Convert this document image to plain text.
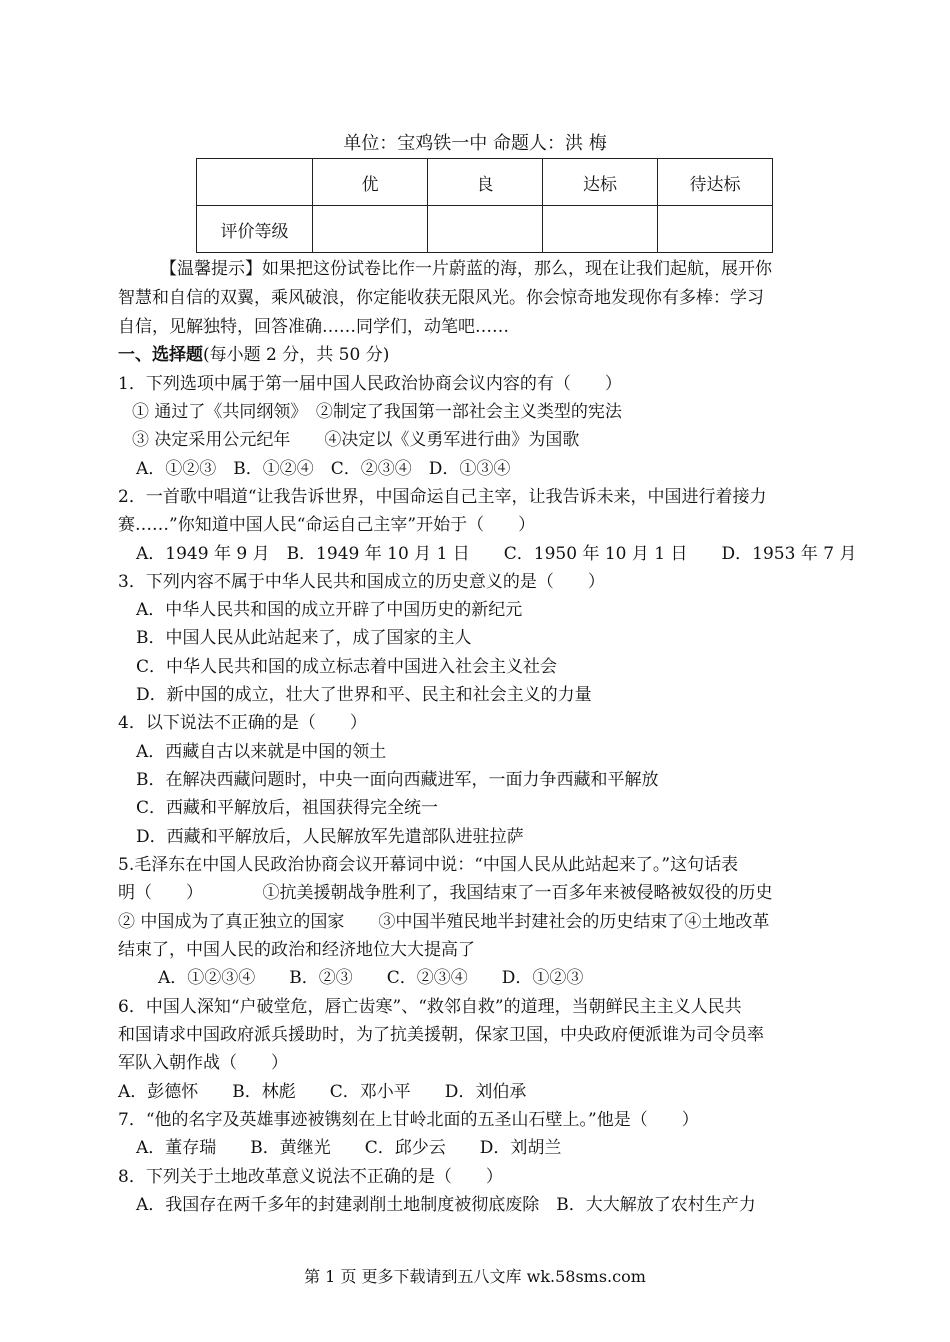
单位：宝鸡铁一中 命题人：洪 梅
	优	良	达标	待达标
评价等级				
【温馨提示】如果把这份试卷比作一片蔚蓝的海，那么，现在让我们起航，展开你
智慧和自信的双翼，乘风破浪，你定能收获无限风光。你会惊奇地发现你有多棒：学习
自信，见解独特，回答准确……同学们，动笔吧……
一、选择题(每小题 2 分，共 50 分)
1．下列选项中属于第一届中国人民政治协商会议内容的有（　　）
① 通过了《共同纲领》　②制定了我国第一部社会主义类型的宪法
③ 决定采用公元纪年　　④决定以《义勇军进行曲》为国歌
A．①②③　B．①②④　C．②③④　D．①③④
2．一首歌中唱道“让我告诉世界，中国命运自己主宰，让我告诉未来，中国进行着接力
赛……”你知道中国人民“命运自己主宰”开始于（　　）
A．1949 年 9 月　B．1949 年 10 月 1 日　　C．1950 年 10 月 1 日　　D．1953 年 7 月
3．下列内容不属于中华人民共和国成立的历史意义的是（　　）
A．中华人民共和国的成立开辟了中国历史的新纪元
B．中国人民从此站起来了，成了国家的主人
C．中华人民共和国的成立标志着中国进入社会主义社会
D．新中国的成立，壮大了世界和平、民主和社会主义的力量
4．以下说法不正确的是（　　）
A．西藏自古以来就是中国的领土
B．在解决西藏问题时，中央一面向西藏进军，一面力争西藏和平解放
C．西藏和平解放后，祖国获得完全统一
D．西藏和平解放后，人民解放军先遣部队进驻拉萨
5.毛泽东在中国人民政治协商会议开幕词中说：“中国人民从此站起来了。”这句话表
明（　　）　　　　①抗美援朝战争胜利了，我国结束了一百多年来被侵略被奴役的历史
② 中国成为了真正独立的国家　　③中国半殖民地半封建社会的历史结束了④土地改革
结束了，中国人民的政治和经济地位大大提高了
A．①②③④　　B．②③　　C．②③④　　D．①②③
6．中国人深知“户破堂危，唇亡齿寒”、“救邻自救”的道理，当朝鲜民主主义人民共
和国请求中国政府派兵援助时，为了抗美援朝，保家卫国，中央政府便派谁为司令员率
军队入朝作战（　　）
A．彭德怀　　B．林彪　　C．邓小平　　D．刘伯承
7．“他的名字及英雄事迹被镌刻在上甘岭北面的五圣山石壁上。”他是（　　）
A．董存瑞　　B．黄继光　　C．邱少云　　D．刘胡兰
8．下列关于土地改革意义说法不正确的是（　　）
A．我国存在两千多年的封建剥削土地制度被彻底废除　B．大大解放了农村生产力
第 1 页 更多下载请到五八文库 wk.58sms.com
